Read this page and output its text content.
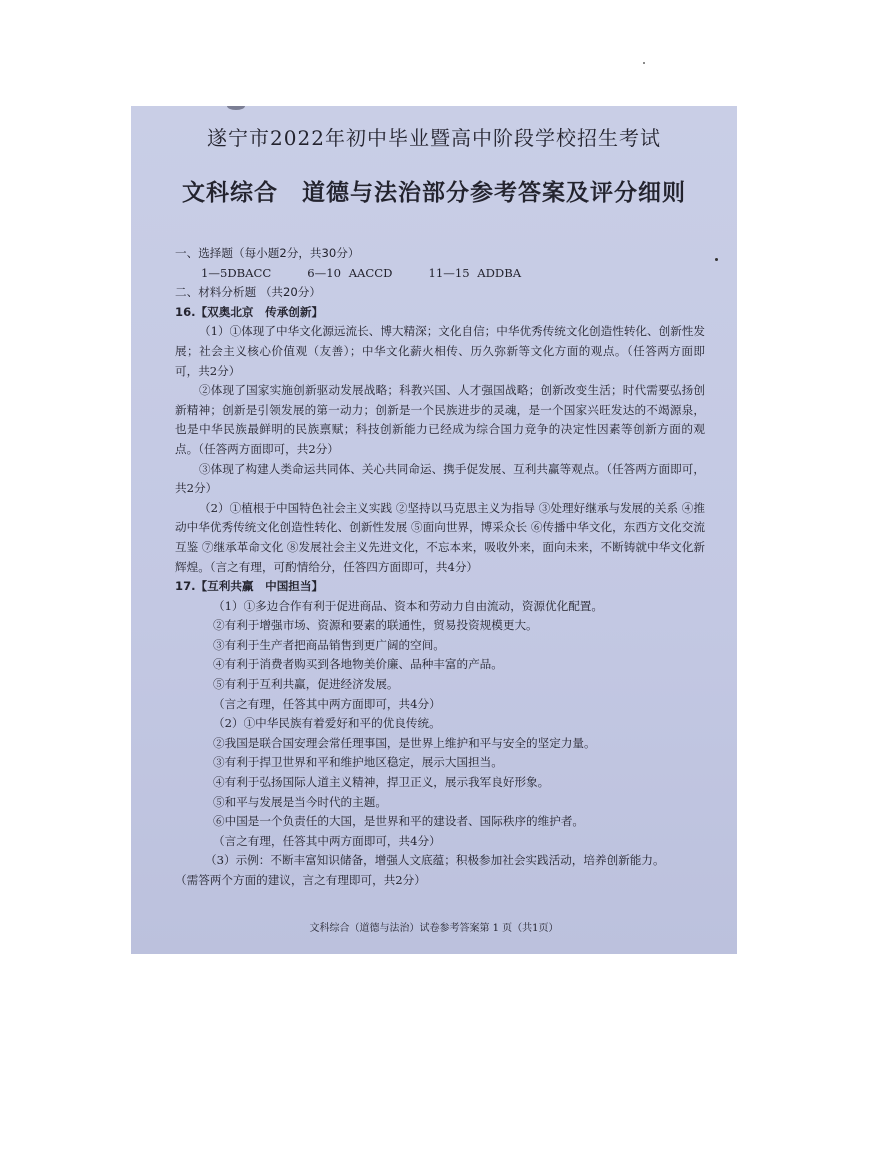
遂宁市2022年初中毕业暨高中阶段学校招生考试
文科综合 道德与法治部分参考答案及评分细则

一、选择题（每小题2分，共30分）

1—5DBACC	6—10 AACCD	11—15 ADDBA

二、材料分析题 （共20分）

16.【双奥北京　传承创新】

（1）①体现了中华文化源远流长、博大精深；文化自信；中华优秀传统文化创造性转化、创新性发展；社会主义核心价值观（友善）；中华文化薪火相传、历久弥新等文化方面的观点。（任答两方面即可，共2分）

②体现了国家实施创新驱动发展战略；科教兴国、人才强国战略；创新改变生活；时代需要弘扬创新精神；创新是引领发展的第一动力；创新是一个民族进步的灵魂，是一个国家兴旺发达的不竭源泉，也是中华民族最鲜明的民族禀赋；科技创新能力已经成为综合国力竞争的决定性因素等创新方面的观点。（任答两方面即可，共2分）

③体现了构建人类命运共同体、关心共同命运、携手促发展、互利共赢等观点。（任答两方面即可，共2分）

（2）①植根于中国特色社会主义实践 ②坚持以马克思主义为指导 ③处理好继承与发展的关系 ④推动中华优秀传统文化创造性转化、创新性发展 ⑤面向世界，博采众长 ⑥传播中华文化，东西方文化交流互鉴 ⑦继承革命文化 ⑧发展社会主义先进文化，不忘本来，吸收外来，面向未来，不断铸就中华文化新辉煌。（言之有理，可酌情给分，任答四方面即可，共4分）

17.【互利共赢　中国担当】

（1）①多边合作有利于促进商品、资本和劳动力自由流动，资源优化配置。

②有利于增强市场、资源和要素的联通性，贸易投资规模更大。

③有利于生产者把商品销售到更广阔的空间。

④有利于消费者购买到各地物美价廉、品种丰富的产品。

⑤有利于互利共赢，促进经济发展。

（言之有理，任答其中两方面即可，共4分）

（2）①中华民族有着爱好和平的优良传统。

②我国是联合国安理会常任理事国，是世界上维护和平与安全的坚定力量。

③有利于捍卫世界和平和维护地区稳定，展示大国担当。

④有利于弘扬国际人道主义精神，捍卫正义，展示我军良好形象。

⑤和平与发展是当今时代的主题。

⑥中国是一个负责任的大国，是世界和平的建设者、国际秩序的维护者。

（言之有理，任答其中两方面即可，共4分）

（3）示例：不断丰富知识储备，增强人文底蕴；积极参加社会实践活动，培养创新能力。

（需答两个方面的建议，言之有理即可，共2分）

文科综合（道德与法治）试卷参考答案第 1 页（共1页）
